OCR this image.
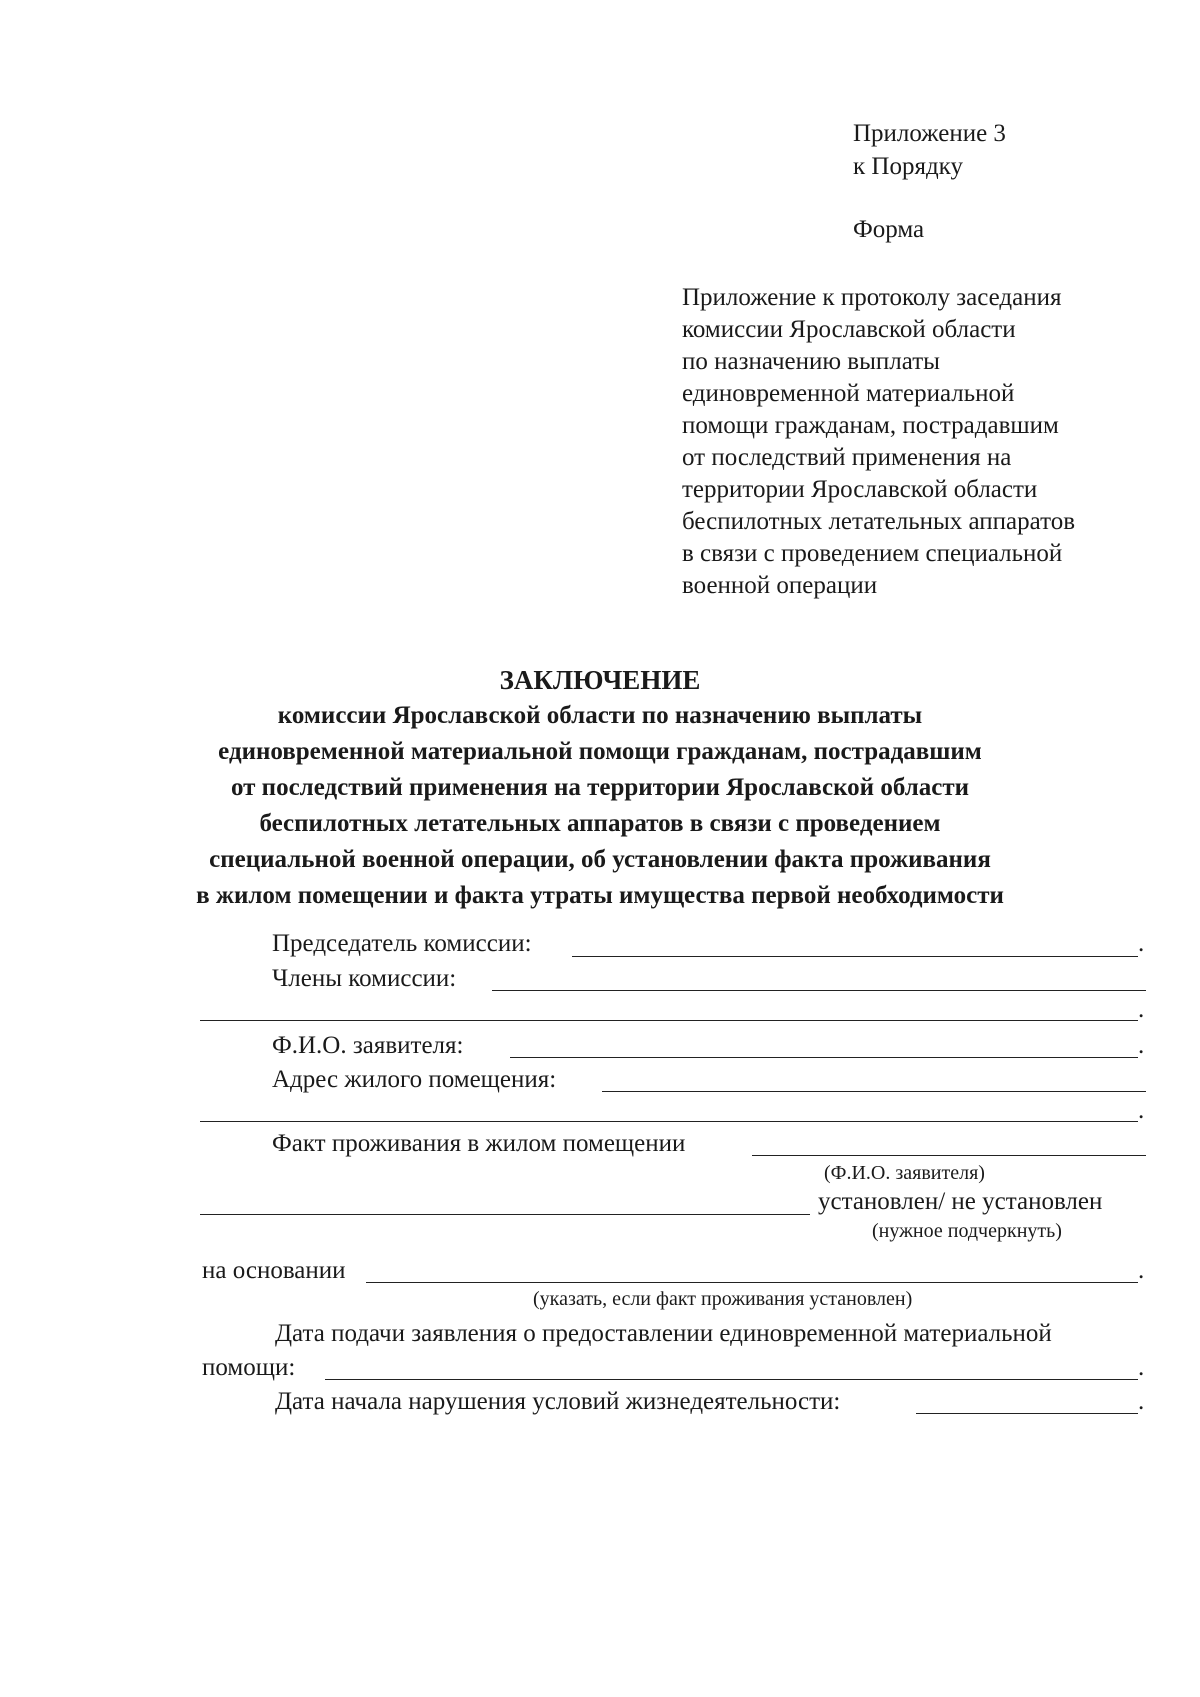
Приложение 3
к Порядку
Форма
Приложение к протоколу заседания
комиссии Ярославской области
по назначению выплаты
единовременной материальной
помощи гражданам, пострадавшим
от последствий применения на
территории Ярославской области
беспилотных летательных аппаратов
в связи с проведением специальной
военной операции
ЗАКЛЮЧЕНИЕ
комиссии Ярославской области по назначению выплаты
единовременной материальной помощи гражданам, пострадавшим
от последствий применения на территории Ярославской области
беспилотных летательных аппаратов в связи с проведением
специальной военной операции, об установлении факта проживания
в жилом помещении и факта утраты имущества первой необходимости
Председатель комиссии:	.
Члены комиссии:
.
Ф.И.О. заявителя:	.
Адрес жилого помещения:
.
Факт проживания в жилом помещении
(Ф.И.О. заявителя)
установлен/ не установлен
(нужное подчеркнуть)
на основании	.
(указать, если факт проживания установлен)
Дата подачи заявления о предоставлении единовременной материальной
помощи:	.
Дата начала нарушения условий жизнедеятельности:	.
